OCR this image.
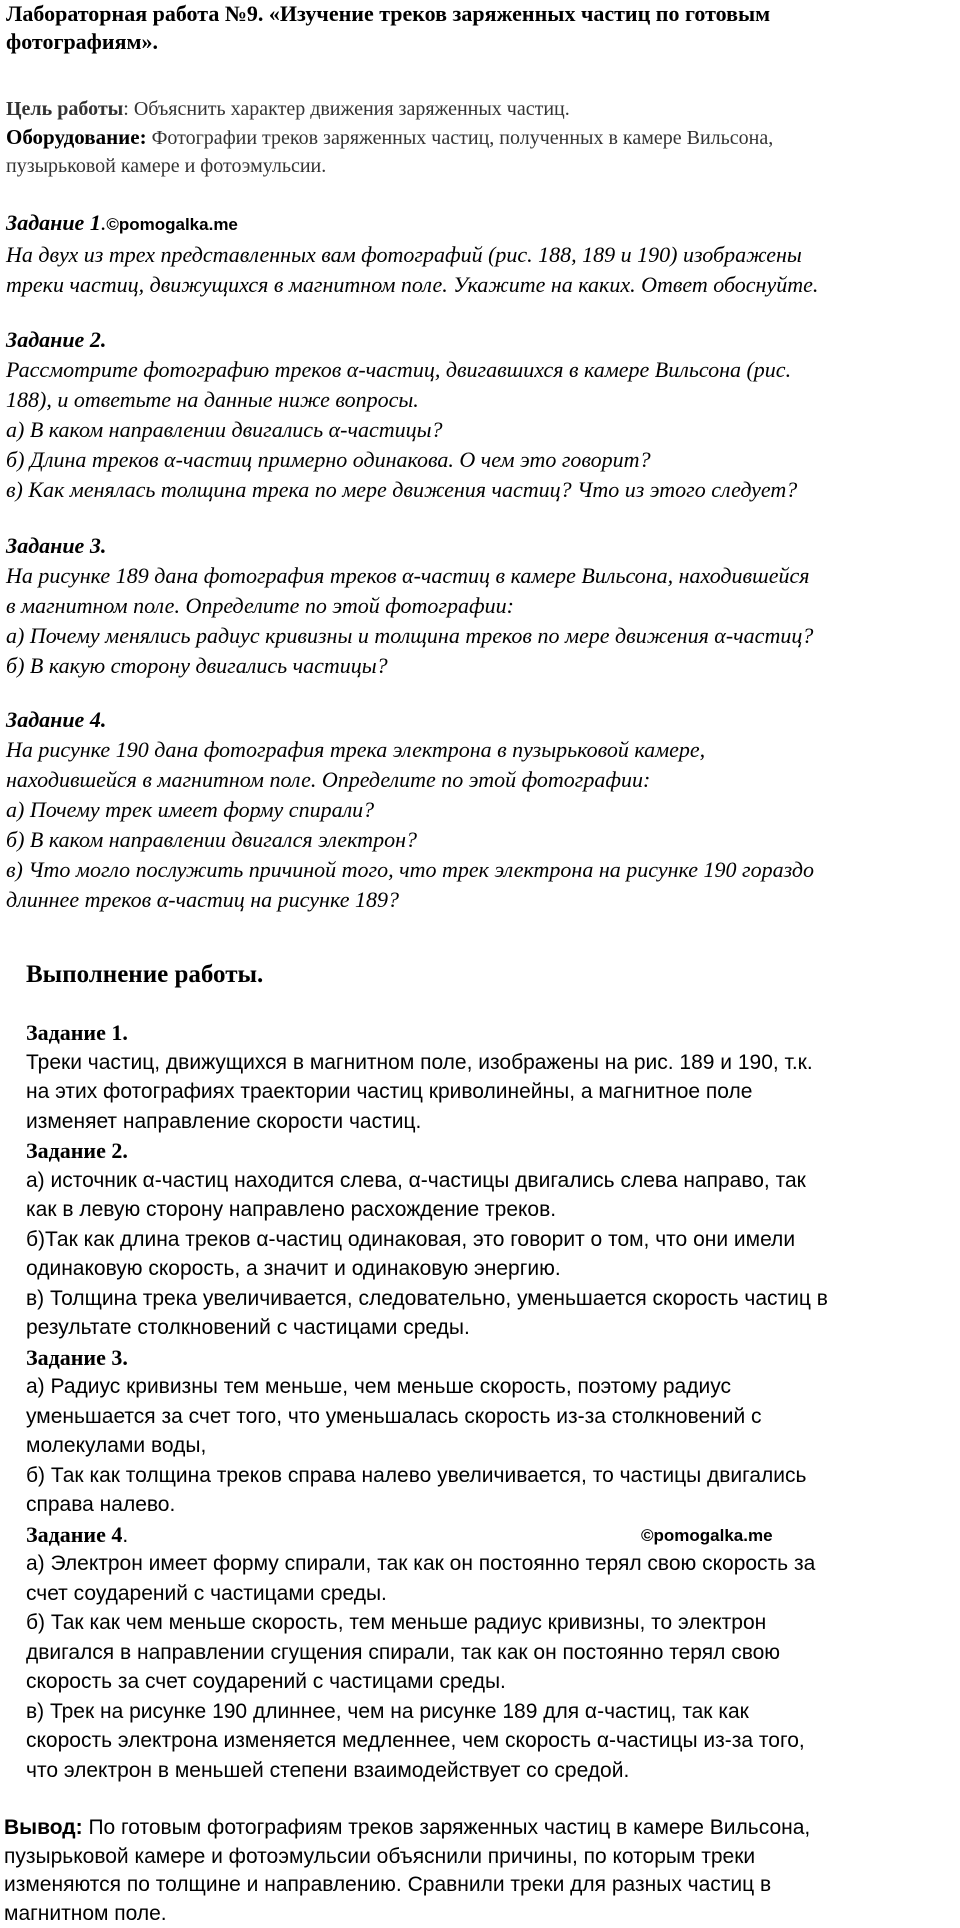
Лабораторная работа №9. «Изучение треков заряженных частиц по готовым
фотографиям».
Цель работы: Объяснить характер движения заряженных частиц.
Оборудование: Фотографии треков заряженных частиц, полученных в камере Вильсона,
пузырьковой камере и фотоэмульсии.
Задание 1.©pomogalka.me
На двух из трех представленных вам фотографий (рис. 188, 189 и 190) изображены
треки частиц, движущихся в магнитном поле. Укажите на каких. Ответ обоснуйте.
Задание 2.
Рассмотрите фотографию треков α-частиц, двигавшихся в камере Вильсона (рис.
188), и ответьте на данные ниже вопросы.
а) В каком направлении двигались α-частицы?
б) Длина треков α-частиц примерно одинакова. О чем это говорит?
в) Как менялась толщина трека по мере движения частиц? Что из этого следует?
Задание 3.
На рисунке 189 дана фотография треков α-частиц в камере Вильсона, находившейся
в магнитном поле. Определите по этой фотографии:
а) Почему менялись радиус кривизны и толщина треков по мере движения α-частиц?
б) В какую сторону двигались частицы?
Задание 4.
На рисунке 190 дана фотография трека электрона в пузырьковой камере,
находившейся в магнитном поле. Определите по этой фотографии:
а) Почему трек имеет форму спирали?
б) В каком направлении двигался электрон?
в) Что могло послужить причиной того, что трек электрона на рисунке 190 гораздо
длиннее треков α-частиц на рисунке 189?
Выполнение работы.
Задание 1.
Треки частиц, движущихся в магнитном поле, изображены на рис. 189 и 190, т.к.
на этих фотографиях траектории частиц криволинейны, а магнитное поле
изменяет направление скорости частиц.
Задание 2.
а) источник α-частиц находится слева, α-частицы двигались слева направо, так
как в левую сторону направлено расхождение треков.
б)Так как длина треков α-частиц одинаковая, это говорит о том, что они имели
одинаковую скорость, а значит и одинаковую энергию.
в) Толщина трека увеличивается, следовательно, уменьшается скорость частиц в
результате столкновений с частицами среды.
Задание 3.
а) Радиус кривизны тем меньше, чем меньше скорость, поэтому радиус
уменьшается за счет того, что уменьшалась скорость из-за столкновений с
молекулами воды,
б) Так как толщина треков справа налево увеличивается, то частицы двигались
справа налево.
Задание 4.
а) Электрон имеет форму спирали, так как он постоянно терял свою скорость за
счет соударений с частицами среды.
б) Так как чем меньше скорость, тем меньше радиус кривизны, то электрон
двигался в направлении сгущения спирали, так как он постоянно терял свою
скорость за счет соударений с частицами среды.
в) Трек на рисунке 190 длиннее, чем на рисунке 189 для α-частиц, так как
скорость электрона изменяется медленнее, чем скорость α-частицы из-за того,
что электрон в меньшей степени взаимодействует со средой.
©pomogalka.me
Вывод: По готовым фотографиям треков заряженных частиц в камере Вильсона,
пузырьковой камере и фотоэмульсии объяснили причины, по которым треки
изменяются по толщине и направлению. Сравнили треки для разных частиц в
магнитном поле.
